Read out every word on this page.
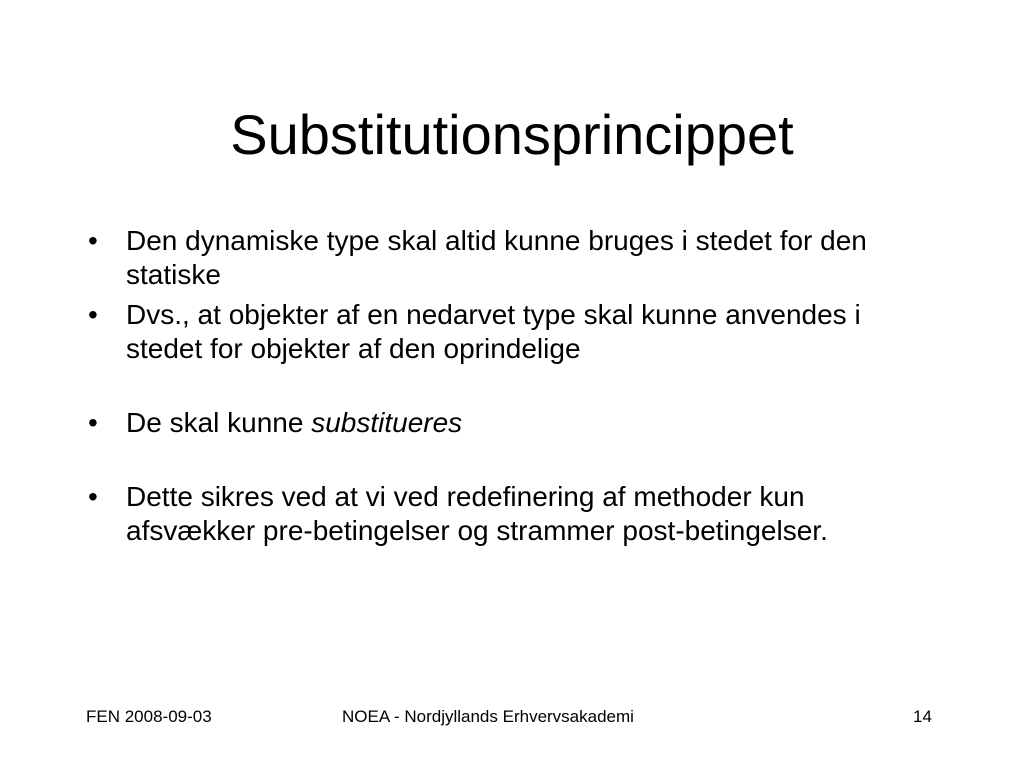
Substitutionsprincippet
• Den dynamiske type skal altid kunne bruges i stedet for den statiske
• Dvs., at objekter af en nedarvet type skal kunne anvendes i stedet for objekter af den oprindelige
• De skal kunne substitueres
• Dette sikres ved at vi ved redefinering af methoder kun afsvækker pre-betingelser og strammer post-betingelser.
FEN 2008-09-03	NOEA - Nordjyllands Erhvervsakademi	14
